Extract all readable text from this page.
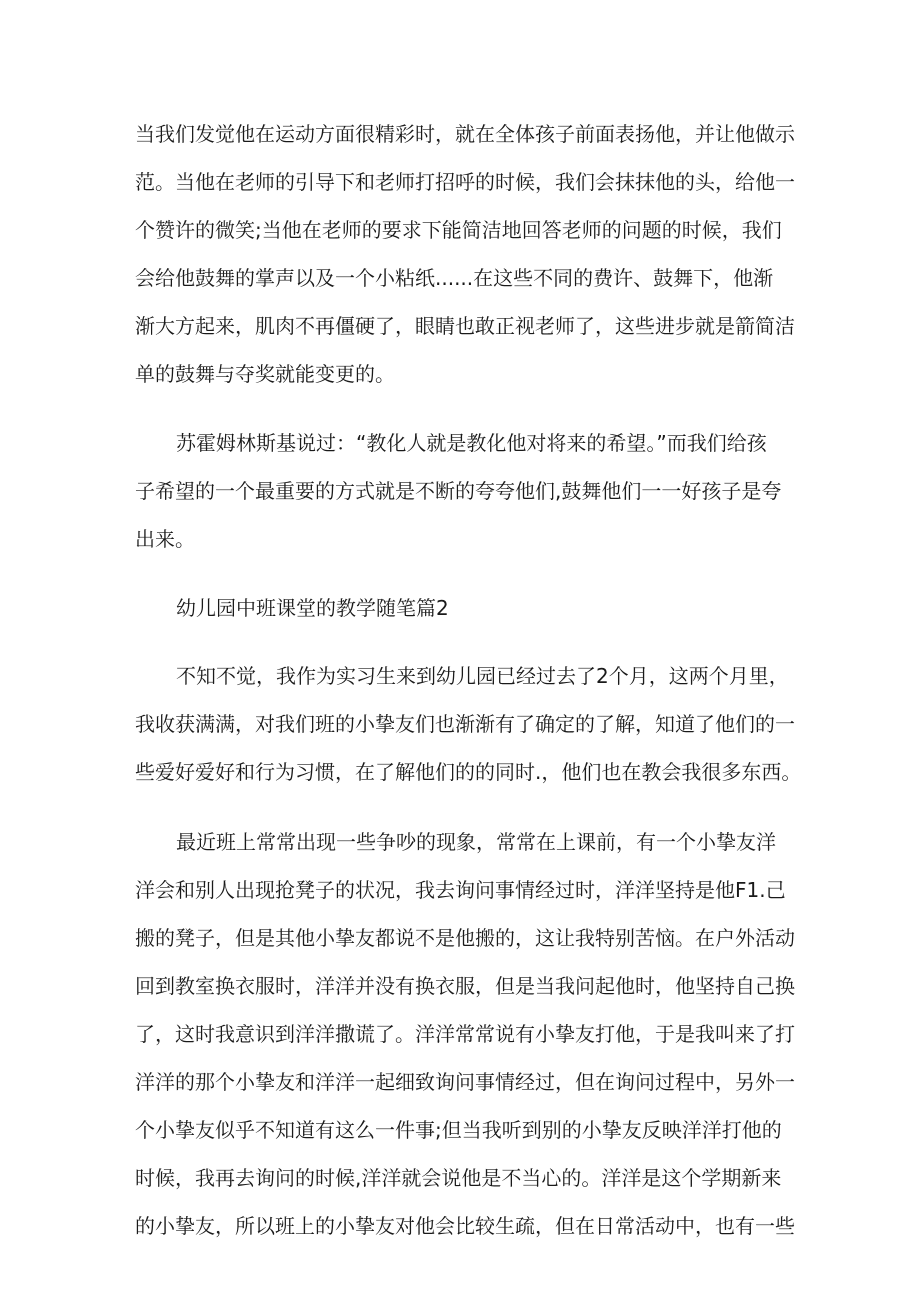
当我们发觉他在运动方面很精彩时，就在全体孩子前面表扬他，并让他做示

范。当他在老师的引导下和老师打招呼的时候，我们会抹抹他的头，给他一

个赞许的微笑;当他在老师的要求下能简洁地回答老师的问题的时候，我们

会给他鼓舞的掌声以及一个小粘纸......在这些不同的费许、鼓舞下，他渐

渐大方起来，肌肉不再僵硬了，眼睛也敢正视老师了，这些进步就是箭简洁

单的鼓舞与夺奖就能变更的。

苏霍姆林斯基说过：“教化人就是教化他对将来的希望。”而我们给孩

子希望的一个最重要的方式就是不断的夸夸他们,鼓舞他们一一好孩子是夸

出来。

幼儿园中班课堂的教学随笔篇2

不知不觉，我作为实习生来到幼儿园已经过去了2个月，这两个月里，

我收获满满，对我们班的小挚友们也渐渐有了确定的了解，知道了他们的一

些爱好爱好和行为习惯，在了解他们的的同时.，他们也在教会我很多东西。

最近班上常常出现一些争吵的现象，常常在上课前，有一个小挚友洋

洋会和别人出现抢凳子的状况，我去询问事情经过时，洋洋坚持是他F1.己

搬的凳子，但是其他小挚友都说不是他搬的，这让我特别苦恼。在户外活动

回到教室换衣服时，洋洋并没有换衣服，但是当我问起他时，他坚持自己换

了，这时我意识到洋洋撒谎了。洋洋常常说有小挚友打他，于是我叫来了打

洋洋的那个小挚友和洋洋一起细致询问事情经过，但在询问过程中，另外一

个小挚友似乎不知道有这么一件事;但当我听到别的小挚友反映洋洋打他的

时候，我再去询问的时候,洋洋就会说他是不当心的。洋洋是这个学期新来

的小挚友，所以班上的小挚友对他会比较生疏，但在日常活动中，也有一些
